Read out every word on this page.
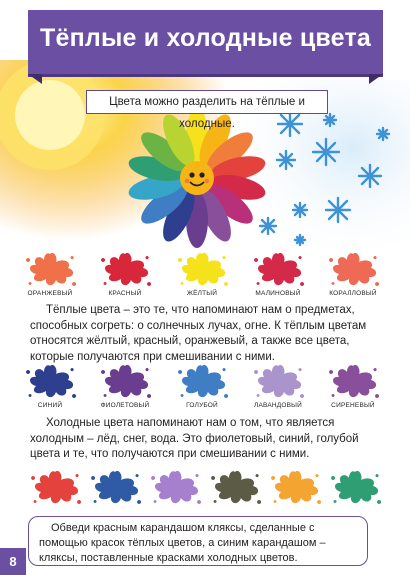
Тёплые и холодные цвета
Цвета можно разделить на тёплые и холодные.
ОРАНЖЕВЫЙ	КРАСНЫЙ	ЖЁЛТЫЙ	МАЛИНОВЫЙ	КОРАЛЛОВЫЙ
Тёплые цвета – это те, что напоминают нам о предметах, способных согреть: о солнечных лучах, огне. К тёплым цветам относятся жёлтый, красный, оранжевый, а также все цвета, которые получаются при смешивании с ними.
СИНИЙ	ФИОЛЕТОВЫЙ	ГОЛУБОЙ	ЛАВАНДОВЫЙ	СИРЕНЕВЫЙ
Холодные цвета напоминают нам о том, что является холодным – лёд, снег, вода. Это фиолетовый, синий, голубой цвета и те, что получаются при смешивании с ними.
Обведи красным карандашом кляксы, сделанные с помощью красок тёплых цветов, а синим карандашом – кляксы, поставленные красками холодных цветов.
8
